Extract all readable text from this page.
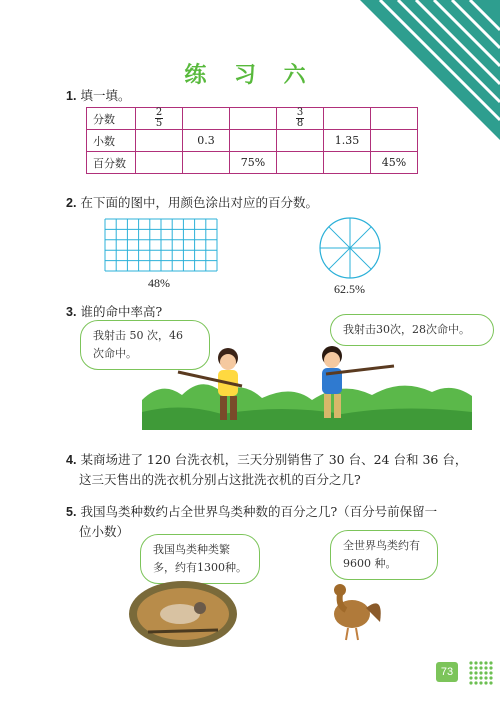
练 习 六
1. 填一填。
分数	$\frac{2}{5}$			$\frac{3}{8}$

小数		0.3			1.35	
百分数			75%			45%
2. 在下面的图中，用颜色涂出对应的百分数。
48%	62.5%
3. 谁的命中率高?
我射击 50 次，46 次命中。
我射击30次，28次命中。
4. 某商场进了 120 台洗衣机，三天分别销售了 30 台、24 台和 36 台，
这三天售出的洗衣机分别占这批洗衣机的百分之几?
5. 我国鸟类种数约占全世界鸟类种数的百分之几?（百分号前保留一
位小数）
我国鸟类种类繁多，约有1300种。
全世界鸟类约有 9600 种。
73
